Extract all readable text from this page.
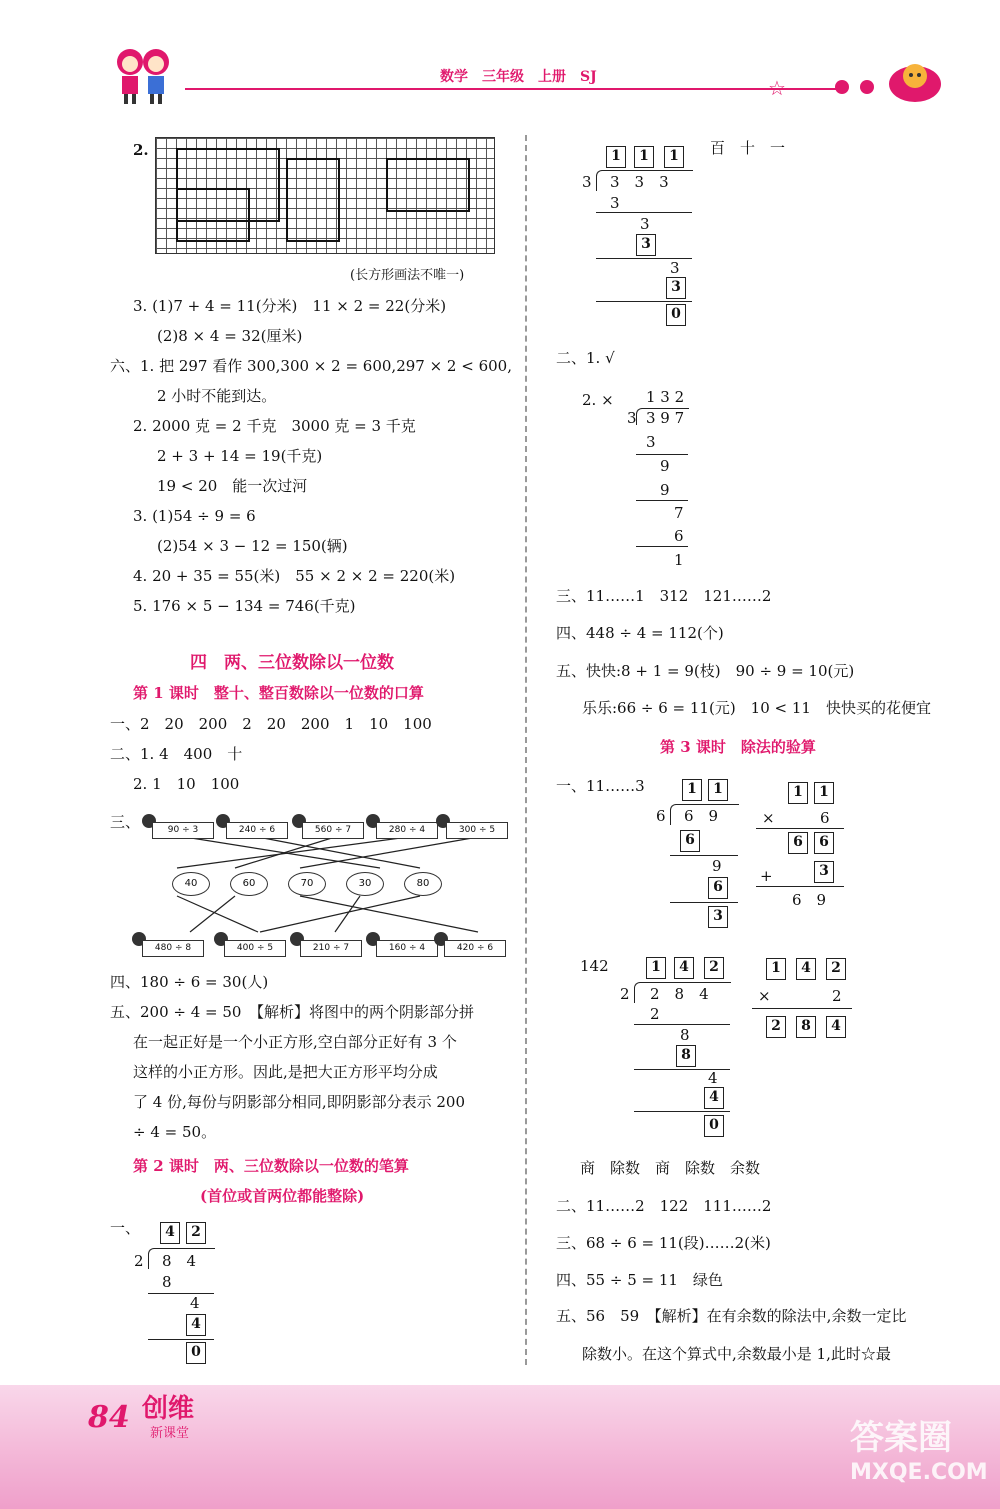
数学　三年级　上册　SJ	☆
2.
(长方形画法不唯一)
3. (1)7 + 4 = 11(分米)　11 × 2 = 22(分米)
(2)8 × 4 = 32(厘米)
六、1. 把 297 看作 300,300 × 2 = 600,297 × 2 < 600,
2 小时不能到达。
2. 2000 克 = 2 千克　3000 克 = 3 千克
2 + 3 + 14 = 19(千克)
19 < 20　能一次过河
3. (1)54 ÷ 9 = 6
(2)54 × 3 − 12 = 150(辆)
4. 20 + 35 = 55(米)　55 × 2 × 2 = 220(米)
5. 176 × 5 − 134 = 746(千克)
四　两、三位数除以一位数
第 1 课时　整十、整百数除以一位数的口算
一、2　20　200　2　20　200　1　10　100
二、1. 4　400　十
2. 1　10　100
三、	90 ÷ 3	240 ÷ 6	560 ÷ 7	280 ÷ 4	300 ÷ 5
40	60	70	30	80
480 ÷ 8	400 ÷ 5	210 ÷ 7	160 ÷ 4	420 ÷ 6
四、180 ÷ 6 = 30(人)
五、200 ÷ 4 = 50　【解析】将图中的两个阴影部分拼
在一起正好是一个小正方形,空白部分正好有 3 个
这样的小正方形。因此,是把大正方形平均分成
了 4 份,每份与阴影部分相同,即阴影部分表示 200
÷ 4 = 50。
第 2 课时　两、三位数除以一位数的笔算
(首位或首两位都能整除)
一、	4	2
2 8　4
8
4
4
0
1	1	1	百　十　一
3 3　3　3
3
3
3
3
3
0
二、1. √
2. × 1 3 2
3 3 9 7
3
9
9
7
6
1
三、11……1　312　121……2
四、448 ÷ 4 = 112(个)
五、快快:8 + 1 = 9(枝)　90 ÷ 9 = 10(元)
乐乐:66 ÷ 6 = 11(元)　10 < 11　快快买的花便宜
第 3 课时　除法的验算
一、11……3	1	1
6 6　9
6
9
6
3
1	1
×	6
6	6
+	3
6　9
142	1	4	2
2 2　8　4
2
8
8
4
4
0
1	4	2
×	2
2	8	4
商　除数　商　除数　余数
二、11……2　122　111……2
三、68 ÷ 6 = 11(段)……2(米)
四、55 ÷ 5 = 11　绿色
五、56　59　【解析】在有余数的除法中,余数一定比
除数小。在这个算式中,余数最小是 1,此时☆最
84 创维
新课堂	答案圈
MXQE.COM
